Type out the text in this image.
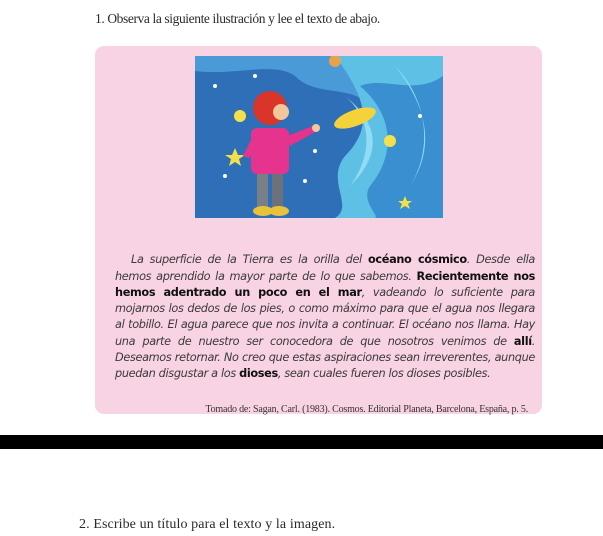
1. Observa la siguiente ilustración y lee el texto de abajo.

La superficie de la Tierra es la orilla del océano cósmico. Desde ella hemos aprendido la mayor parte de lo que sabemos. Recientemente nos hemos adentrado un poco en el mar, vadeando lo suficiente para mojarnos los dedos de los pies, o como máximo para que el agua nos llegara al tobillo. El agua parece que nos invita a continuar. El océano nos llama. Hay una parte de nuestro ser conocedora de que nosotros venimos de allí. Deseamos retornar. No creo que estas aspiraciones sean irreverentes, aunque puedan disgustar a los dioses, sean cuales fueren los dioses posibles.

Tomado de: Sagan, Carl. (1983). Cosmos. Editorial Planeta, Barcelona, España, p. 5.
2. Escribe un título para el texto y la imagen.
